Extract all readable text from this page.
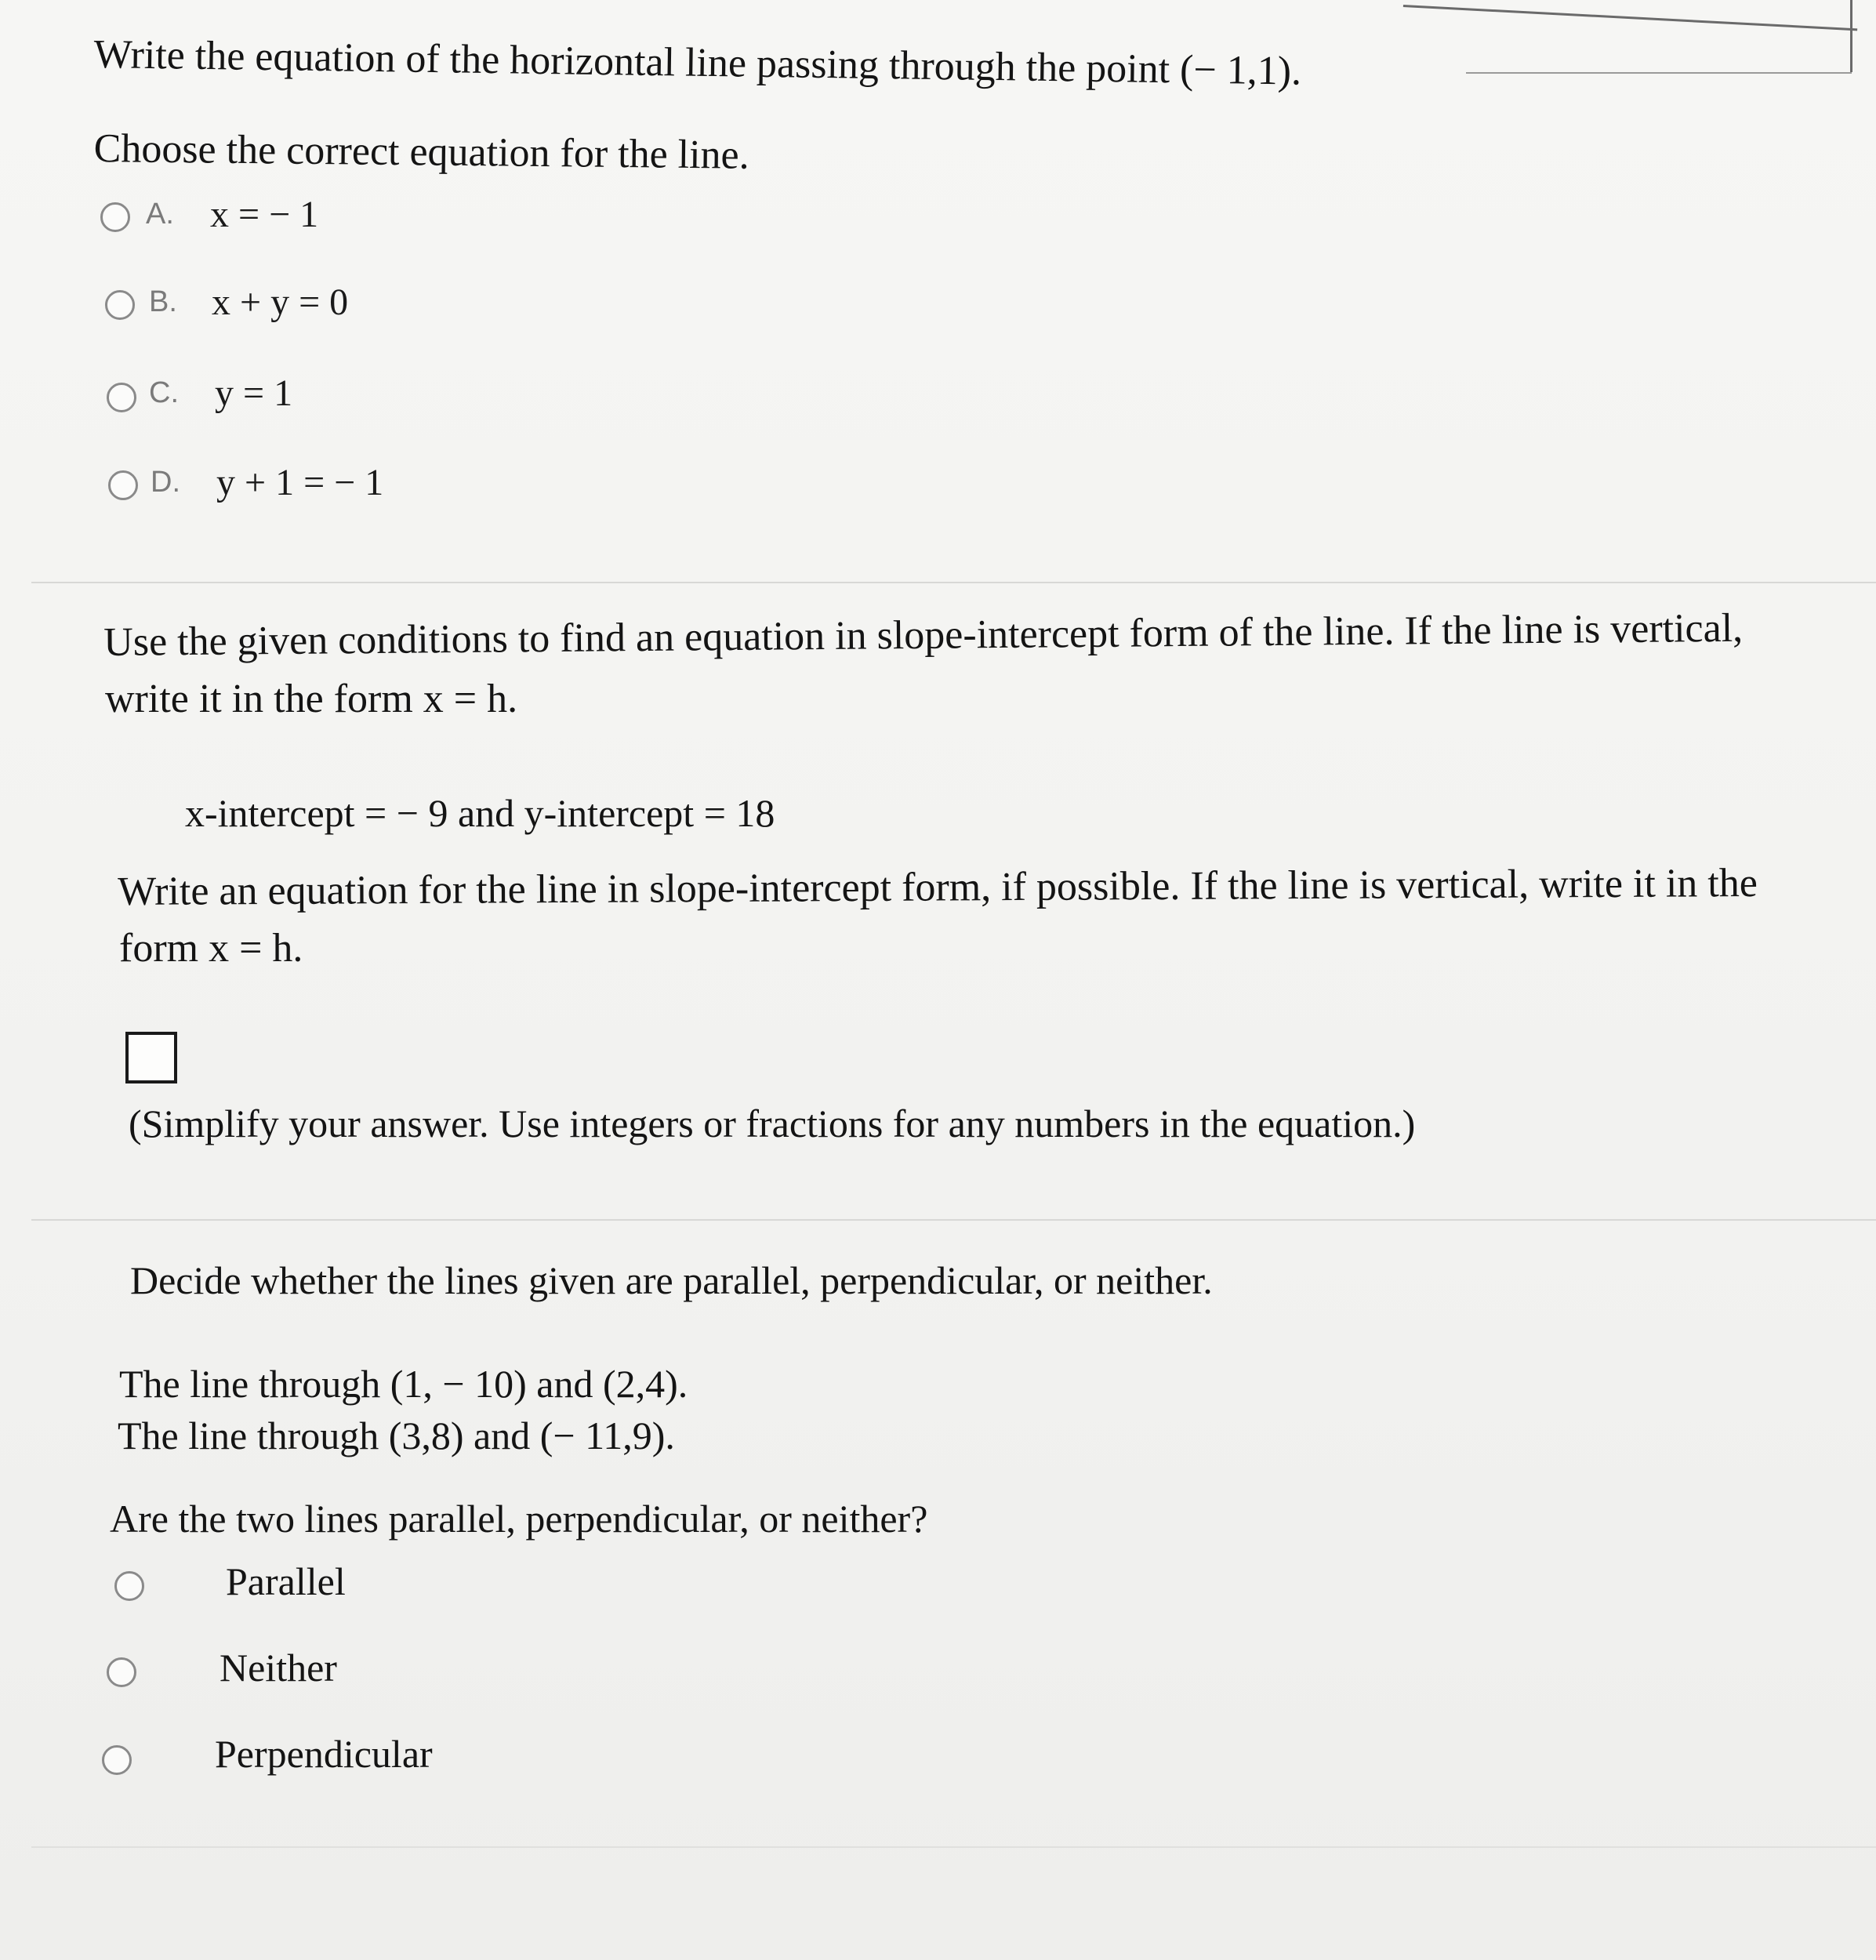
Write the equation of the horizontal line passing through the point (− 1,1).
Choose the correct equation for the line.
A. x = − 1
B. x + y = 0
C. y = 1
D. y + 1 = − 1
Use the given conditions to find an equation in slope-intercept form of the line. If the line is vertical,
write it in the form x = h.
x-intercept = − 9 and y-intercept = 18
Write an equation for the line in slope-intercept form, if possible. If the line is vertical, write it in the
form x = h.
(Simplify your answer. Use integers or fractions for any numbers in the equation.)
Decide whether the lines given are parallel, perpendicular, or neither.
The line through (1, − 10) and (2,4).
The line through (3,8) and (− 11,9).
Are the two lines parallel, perpendicular, or neither?
Parallel
Neither
Perpendicular
